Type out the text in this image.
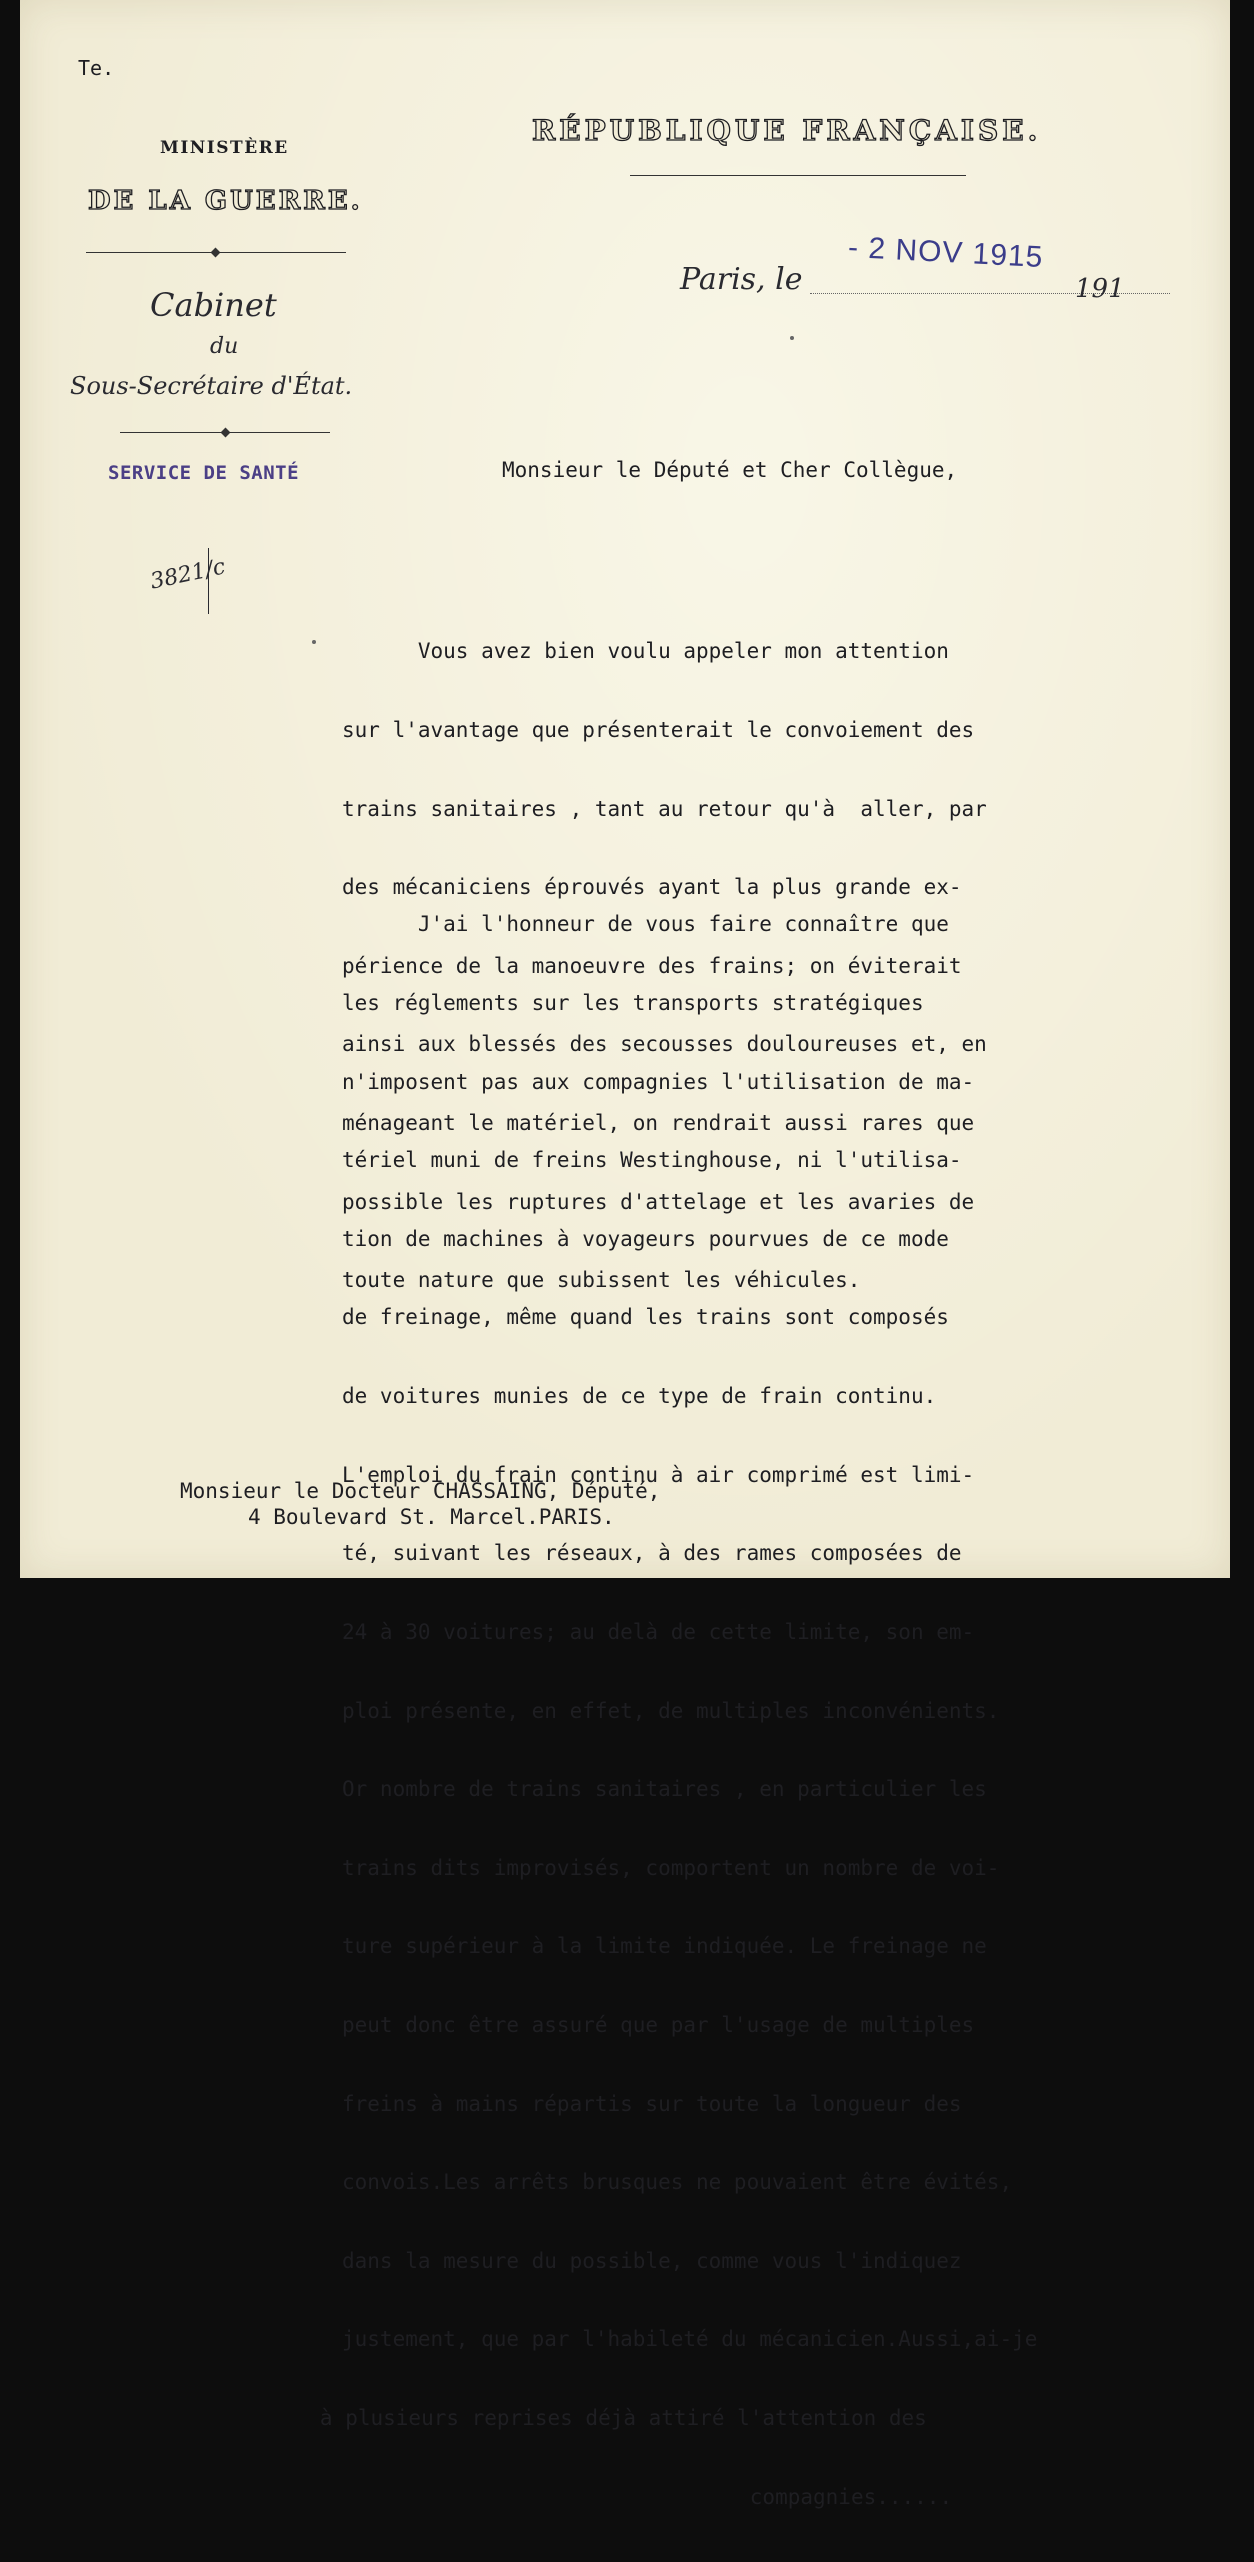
Te.
MINISTÈRE
DE LA GUERRE.
Cabinet
du
Sous-Secrétaire d'État.
SERVICE DE SANTÉ
RÉPUBLIQUE FRANÇAISE.
Paris, le
- 2 NOV 1915
191
Monsieur le Député et Cher Collègue,
3821/c

Vous avez bien voulu appeler mon attention

sur l'avantage que présenterait le convoiement des

trains sanitaires , tant au retour qu'à  aller, par

des mécaniciens éprouvés ayant la plus grande ex-

périence de la manoeuvre des frains; on éviterait

ainsi aux blessés des secousses douloureuses et, en

ménageant le matériel, on rendrait aussi rares que

possible les ruptures d'attelage et les avaries de

toute nature que subissent les véhicules.

J'ai l'honneur de vous faire connaître que

les réglements sur les transports stratégiques

n'imposent pas aux compagnies l'utilisation de ma-

tériel muni de freins Westinghouse, ni l'utilisa-

tion de machines à voyageurs pourvues de ce mode

de freinage, même quand les trains sont composés

de voitures munies de ce type de frain continu.

L'emploi du frain continu à air comprimé est limi-

té, suivant les réseaux, à des rames composées de

24 à 30 voitures; au delà de cette limite, son em-

ploi présente, en effet, de multiples inconvénients.

Or nombre de trains sanitaires , en particulier les

trains dits improvisés, comportent un nombre de voi-

ture supérieur à la limite indiquée. Le freinage ne

peut donc être assuré que par l'usage de multiples

freins à mains répartis sur toute la longueur des

convois.Les arrêts brusques ne pouvaient être évités,

dans la mesure du possible, comme vous l'indiquez

justement, que par l'habileté du mécanicien.Aussi,ai-je

à plusieurs reprises déjà attiré l'attention des

compagnies......

Monsieur le Docteur CHASSAING, Député,
4 Boulevard St. Marcel.PARIS.
